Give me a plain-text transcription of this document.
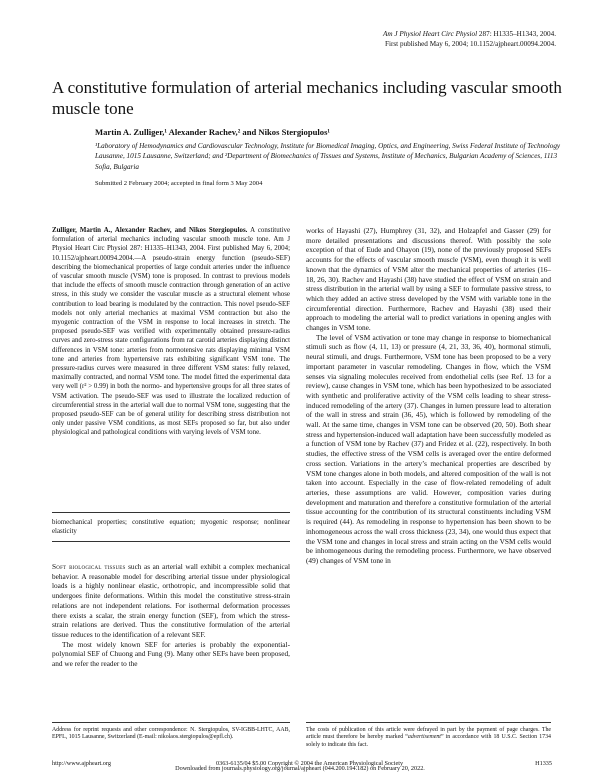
Am J Physiol Heart Circ Physiol 287: H1335–H1343, 2004.
First published May 6, 2004; 10.1152/ajpheart.00094.2004.
A constitutive formulation of arterial mechanics including vascular smooth muscle tone
Martin A. Zulliger,¹ Alexander Rachev,² and Nikos Stergiopulos¹
¹Laboratory of Hemodynamics and Cardiovascular Technology, Institute for Biomedical Imaging, Optics, and Engineering, Swiss Federal Institute of Technology Lausanne, 1015 Lausanne, Switzerland; and ²Department of Biomechanics of Tissues and Systems, Institute of Mechanics, Bulgarian Academy of Sciences, 1113 Sofia, Bulgaria
Submitted 2 February 2004; accepted in final form 3 May 2004
Zulliger, Martin A., Alexander Rachev, and Nikos Stergiopulos. A constitutive formulation of arterial mechanics including vascular smooth muscle tone. Am J Physiol Heart Circ Physiol 287: H1335–H1343, 2004. First published May 6, 2004; 10.1152/ajpheart.00094.2004.—A pseudo-strain energy function (pseudo-SEF) describing the biomechanical properties of large conduit arteries under the influence of vascular smooth muscle (VSM) tone is proposed. In contrast to previous models that include the effects of smooth muscle contraction through generation of an active stress, in this study we consider the vascular muscle as a structural element whose contribution to load bearing is modulated by the contraction. This novel pseudo-SEF models not only arterial mechanics at maximal VSM contraction but also the myogenic contraction of the VSM in response to local increases in stretch. The proposed pseudo-SEF was verified with experimentally obtained pressure-radius curves and zero-stress state configurations from rat carotid arteries displaying distinct differences in VSM tone: arteries from normotensive rats displaying minimal VSM tone and arteries from hypertensive rats exhibiting significant VSM tone. The pressure-radius curves were measured in three different VSM states: fully relaxed, maximally contracted, and normal VSM tone. The model fitted the experimental data very well (r² > 0.99) in both the normo- and hypertensive groups for all three states of VSM activation. The pseudo-SEF was used to illustrate the localized reduction of circumferential stress in the arterial wall due to normal VSM tone, suggesting that the proposed pseudo-SEF can be of general utility for describing stress distribution not only under passive VSM conditions, as most SEFs proposed so far, but also under physiological and pathological conditions with varying levels of VSM tone.
biomechanical properties; constitutive equation; myogenic response; nonlinear elasticity

Soft biological tissues such as an arterial wall exhibit a complex mechanical behavior. A reasonable model for describing arterial tissue under physiological loads is a highly nonlinear elastic, orthotropic, and incompressible solid that undergoes finite deformations. Within this model the constitutive stress-strain relations are not independent relations. For isothermal deformation processes there exists a scalar, the strain energy function (SEF), from which the stress-strain relations are derived. Thus the constitutive formulation of the arterial tissue reduces to the identification of a relevant SEF.

The most widely known SEF for arteries is probably the exponential-polynomial SEF of Chuong and Fung (9). Many other SEFs have been proposed, and we refer the reader to the

works of Hayashi (27), Humphrey (31, 32), and Holzapfel and Gasser (29) for more detailed presentations and discussions thereof. With possibly the sole exception of that of Eude and Ohayon (19), none of the previously proposed SEFs accounts for the effects of vascular smooth muscle (VSM), even though it is well known that the dynamics of VSM alter the mechanical properties of arteries (16–18, 26, 30). Rachev and Hayashi (38) have studied the effect of VSM on strain and stress distribution in the arterial wall by using a SEF to formulate passive stress, to which they added an active stress developed by the VSM with variable tone in the circumferential direction. Furthermore, Rachev and Hayashi (38) used their approach to modeling the arterial wall to predict variations in opening angles with changes in VSM tone.

The level of VSM activation or tone may change in response to biomechanical stimuli such as flow (4, 11, 13) or pressure (4, 21, 33, 36, 40), hormonal stimuli, neural stimuli, and drugs. Furthermore, VSM tone has been proposed to be a very important parameter in vascular remodeling. Changes in flow, which the VSM senses via signaling molecules received from endothelial cells (see Ref. 13 for a review), cause changes in VSM tone, which has been hypothesized to be associated with synthetic and proliferative activity of the VSM cells leading to shear stress-induced remodeling of the artery (37). Changes in lumen pressure lead to alteration of the wall in stress and strain (36, 45), which is followed by remodeling of the wall. At the same time, changes in VSM tone can be observed (20, 50). Both shear stress and hypertension-induced wall adaptation have been successfully modeled as a function of VSM tone by Rachev (37) and Fridez et al. (22), respectively. In both studies, the effective stress of the VSM cells is averaged over the entire deformed cross section. Variations in the artery’s mechanical properties are described by VSM tone changes alone in both models, and altered composition of the wall is not taken into account. Especially in the case of flow-related remodeling of adult arteries, these assumptions are valid. However, composition varies during development and maturation and therefore a constitutive formulation of the arterial tissue accounting for the contribution of its structural constituents including VSM is required (44). As remodeling in response to hypertension has been shown to be inhomogeneous across the wall cross thickness (23, 34), one would thus expect that the VSM tone and changes in local stress and strain acting on the VSM cells would be inhomogeneous during the remodeling process. Furthermore, we have observed (49) changes of VSM tone in

Address for reprint requests and other correspondence: N. Stergiopulos, SV-IGBB-LHTC, AAB, EPFL, 1015 Lausanne, Switzerland (E-mail: nikolaos.stergiopulos@epfl.ch).
The costs of publication of this article were defrayed in part by the payment of page charges. The article must therefore be hereby marked “advertisement” in accordance with 18 U.S.C. Section 1734 solely to indicate this fact.
http://www.ajpheart.org	0363-6135/04 $5.00 Copyright © 2004 the American Physiological Society	H1335
Downloaded from journals.physiology.org/journal/ajpheart (044.200.194.182) on February 20, 2022.
